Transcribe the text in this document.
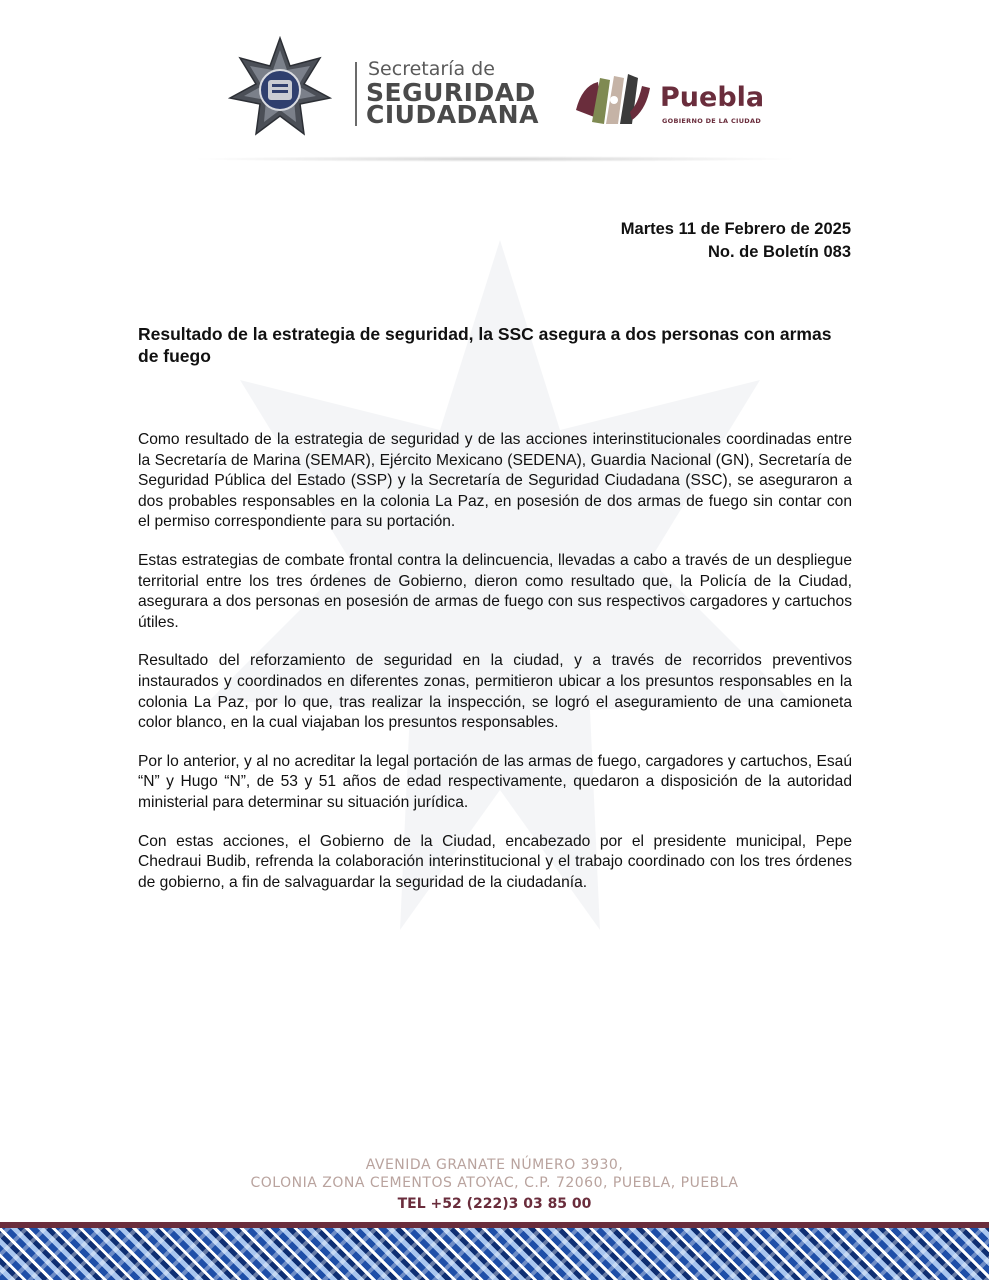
Secretaría de
SEGURIDAD
CIUDADANA
Puebla
GOBIERNO DE LA CIUDAD
Martes 11 de Febrero de 2025
No. de Boletín 083
Resultado de la estrategia de seguridad, la SSC asegura a dos personas con armas de fuego

Como resultado de la estrategia de seguridad y de las acciones interinstitucionales coordinadas entre la Secretaría de Marina (SEMAR), Ejército Mexicano (SEDENA), Guardia Nacional (GN), Secretaría de Seguridad Pública del Estado (SSP) y la Secretaría de Seguridad Ciudadana (SSC), se aseguraron a dos probables responsables en la colonia La Paz, en posesión de dos armas de fuego sin contar con el permiso correspondiente para su portación.

Estas estrategias de combate frontal contra la delincuencia, llevadas a cabo a través de un despliegue territorial entre los tres órdenes de Gobierno, dieron como resultado que, la Policía de la Ciudad, asegurara a dos personas en posesión de armas de fuego con sus respectivos cargadores y cartuchos útiles.

Resultado del reforzamiento de seguridad en la ciudad, y a través de recorridos preventivos instaurados y coordinados en diferentes zonas, permitieron ubicar a los presuntos responsables en la colonia La Paz, por lo que, tras realizar la inspección, se logró el aseguramiento de una camioneta color blanco, en la cual viajaban los presuntos responsables.

Por lo anterior, y al no acreditar la legal portación de las armas de fuego, cargadores y cartuchos, Esaú “N” y Hugo “N”, de 53 y 51 años de edad respectivamente, quedaron a disposición de la autoridad ministerial para determinar su situación jurídica.

Con estas acciones, el Gobierno de la Ciudad, encabezado por el presidente municipal, Pepe Chedraui Budib, refrenda la colaboración interinstitucional y el trabajo coordinado con los tres órdenes de gobierno, a fin de salvaguardar la seguridad de la ciudadanía.

AVENIDA GRANATE NÚMERO 3930,
COLONIA ZONA CEMENTOS ATOYAC, C.P. 72060, PUEBLA, PUEBLA
TEL +52 (222)3 03 85 00
